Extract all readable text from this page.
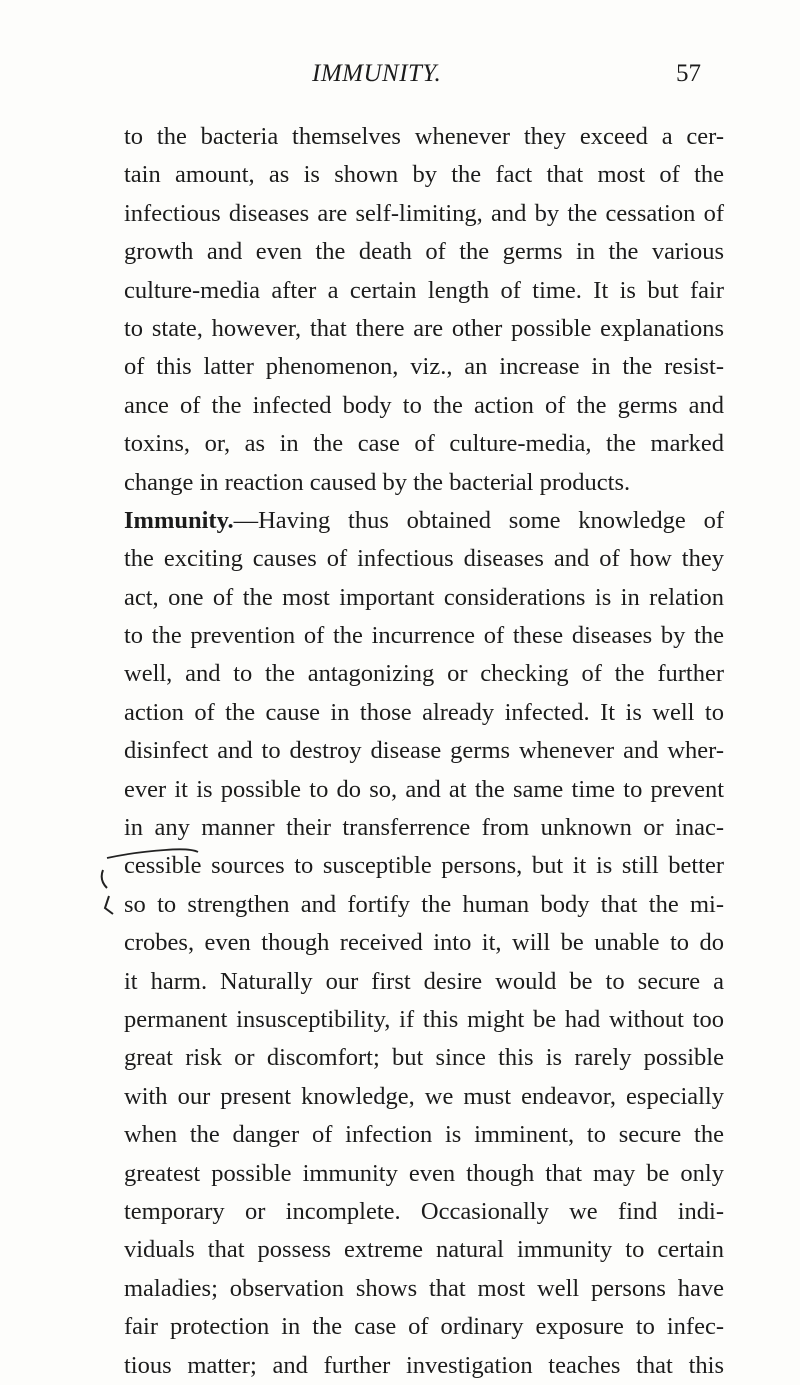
IMMUNITY.	57
to the bacteria themselves whenever they exceed a cer-
tain amount, as is shown by the fact that most of the
infectious diseases are self-limiting, and by the cessation of
growth and even the death of the germs in the various
culture-media after a certain length of time. It is but fair
to state, however, that there are other possible explanations
of this latter phenomenon, viz., an increase in the resist-
ance of the infected body to the action of the germs and
toxins, or, as in the case of culture-media, the marked
change in reaction caused by the bacterial products.
Immunity.—Having thus obtained some knowledge of
the exciting causes of infectious diseases and of how they
act, one of the most important considerations is in relation
to the prevention of the incurrence of these diseases by the
well, and to the antagonizing or checking of the further
action of the cause in those already infected. It is well to
disinfect and to destroy disease germs whenever and wher-
ever it is possible to do so, and at the same time to prevent
in any manner their transferrence from unknown or inac-
cessible sources to susceptible persons, but it is still better
so to strengthen and fortify the human body that the mi-
crobes, even though received into it, will be unable to do
it harm. Naturally our first desire would be to secure a
permanent insusceptibility, if this might be had without too
great risk or discomfort; but since this is rarely possible
with our present knowledge, we must endeavor, especially
when the danger of infection is imminent, to secure the
greatest possible immunity even though that may be only
temporary or incomplete. Occasionally we find indi-
viduals that possess extreme natural immunity to certain
maladies; observation shows that most well persons have
fair protection in the case of ordinary exposure to infec-
tious matter; and further investigation teaches that this
